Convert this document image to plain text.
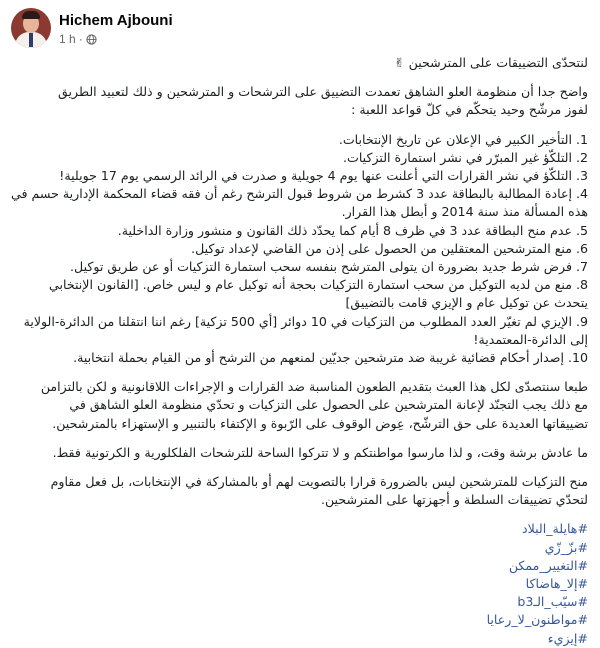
Hichem Ajbouni
1 h ·

لنتحدّى التضييقات على المترشحين ✌

واضح جدا أن منظومة العلو الشاهق تعمدت التضييق على الترشحات و المترشحين و ذلك لتعبيد الطريق
لفوز مرشّح وحيد يتحكّم في كلّ قواعد اللعبة :

1. التأخير الكبير في الإعلان عن تاريخ الإنتخابات.
2. التلكّؤ غير المبرّر في نشر استمارة التزكيات.
3. التلكّؤ في نشر القرارات التي أعلنت عنها يوم 4 جويلية و صدرت في الرائد الرسمي يوم 17 جويلية!
4. إعادة المطالبة بالبطاقة عدد 3 كشرط من شروط قبول الترشح رغم أن فقه قضاء المحكمة الإدارية حسم في
هذه المسألة منذ سنة 2014 و أبطل هذا القرار.
5. عدم منح البطاقة عدد 3 في ظرف 8 أيام كما يحدّد ذلك القانون و منشور وزارة الداخلية.
6. منع المترشحين المعتقلين من الحصول على إذن من القاضي لإعداد توكيل.
7. فرض شرط جديد بضرورة ان يتولى المترشح بنفسه سحب استمارة التزكيات أو عن طريق توكيل.
8. منع من لديه التوكيل من سحب استمارة التزكيات بحجة أنه توكيل عام و ليس خاص. [القانون الإنتخابي
يتحدث عن توكيل عام و الإيزي قامت بالتضييق]
9. الإيزي لم تغيّر العدد المطلوب من التزكيات في 10 دوائر [أي 500 تزكية] رغم اننا انتقلنا من الدائرة-الولاية
إلى الدائرة-المعتمدية!
10. إصدار أحكام قضائية غريبة ضد مترشحين جديّين لمنعهم من الترشح أو من القيام بحملة انتخابية.

طبعا سنتصدّى لكل هذا العبث بتقديم الطعون المناسبة ضد القرارات و الإجراءات اللاقانونية و لكن بالتزامن
مع ذلك يجب التجنّد لإعانة المترشحين على الحصول على التزكيات و تحدّي منظومة العلو الشاهق في
تضييقاتها العديدة على حق الترشّح، عِوض الوقوف على الرّبوة و الإكتفاء بالتنبير و الإستهزاء بالمترشحين.

ما عادش برشة وقت، و لذا مارسوا مواطنتكم و لا تتركوا الساحة للترشحات الفلكلورية و الكرتونية فقط.

منح التزكيات للمترشحين ليس بالضرورة قرارا بالتصويت لهم أو بالمشاركة في الإنتخابات، بل فعل مقاوم
لتحدّي تضييقات السلطة و أجهزتها على المترشحين.

#هايلة_البلاد
#بزّ_زّي
#التغيير_ممكن
#إلا_هاضاكا
#سيّب_الـb3
#مواطنون_لا_رعايا
#إيزيء
